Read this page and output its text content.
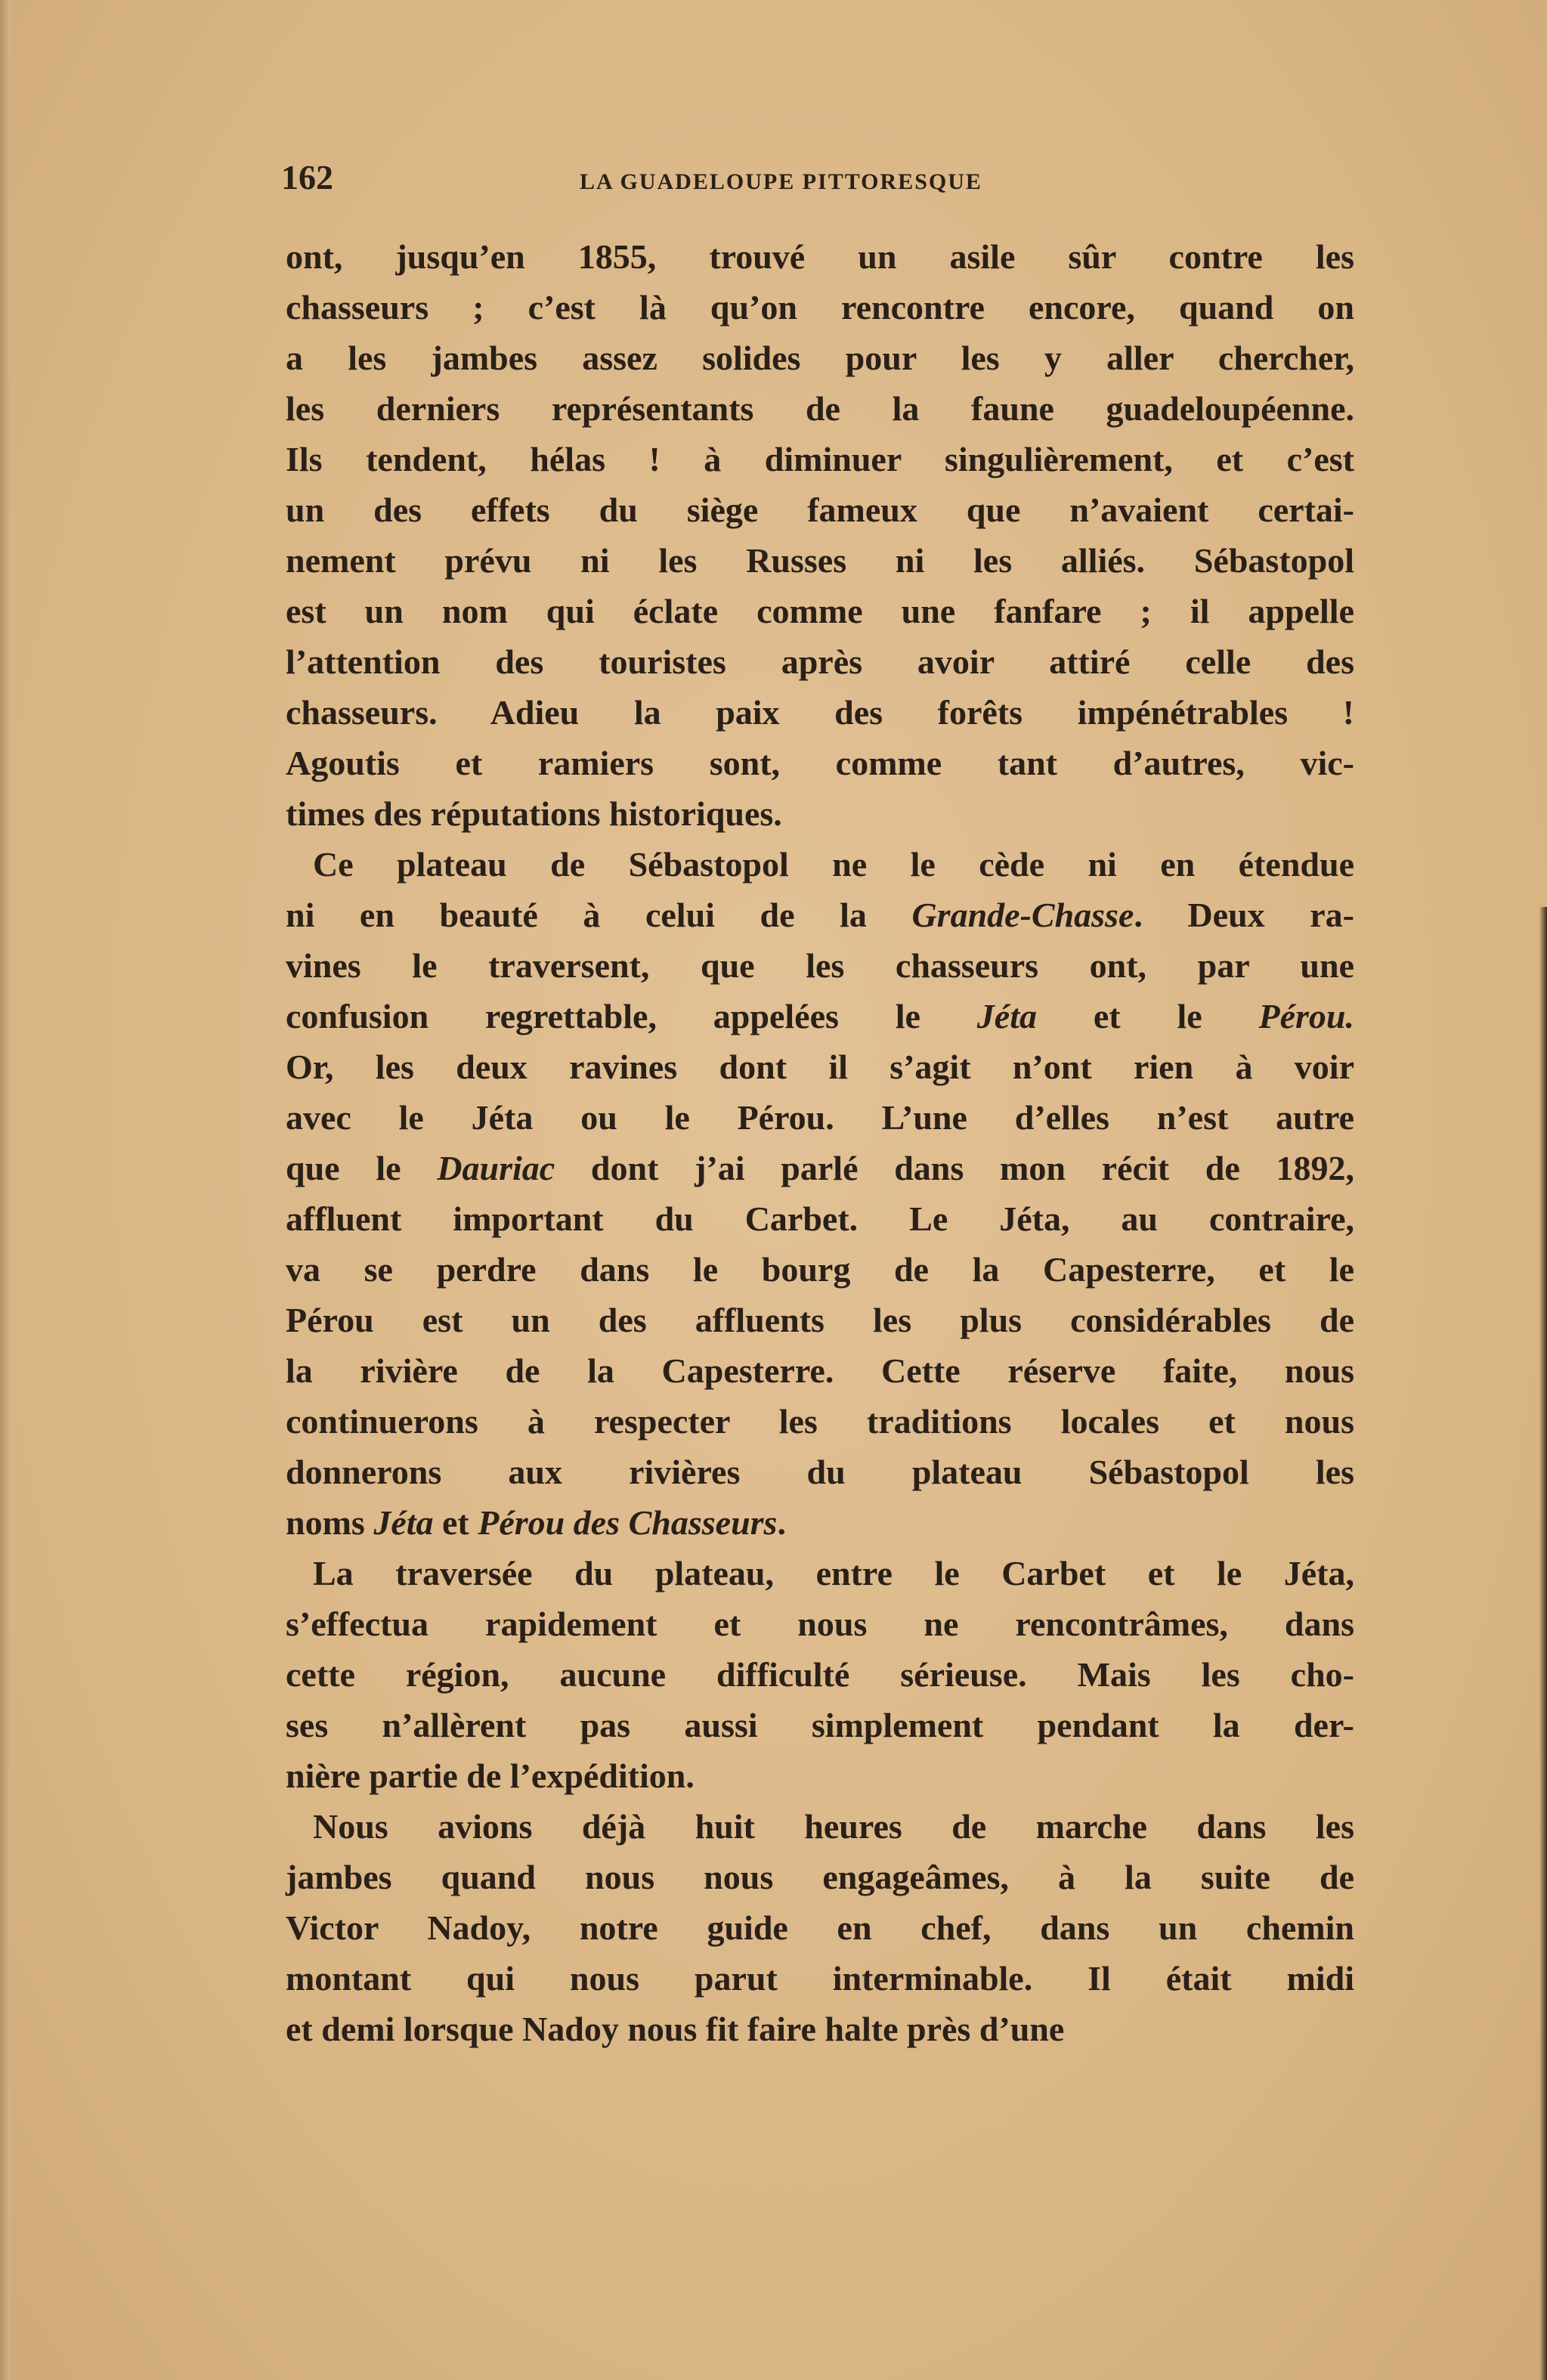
162	LA GUADELOUPE PITTORESQUE
ont, jusqu’en 1855, trouvé un asile sûr contre les
chasseurs ; c’est là qu’on rencontre encore, quand on
a les jambes assez solides pour les y aller chercher,
les derniers représentants de la faune guadeloupéenne.
Ils tendent, hélas ! à diminuer singulièrement, et c’est
un des effets du siège fameux que n’avaient certai-
nement prévu ni les Russes ni les alliés. Sébastopol
est un nom qui éclate comme une fanfare ; il appelle
l’attention des touristes après avoir attiré celle des
chasseurs. Adieu la paix des forêts impénétrables !
Agoutis et ramiers sont, comme tant d’autres, vic-
times des réputations historiques.
Ce plateau de Sébastopol ne le cède ni en étendue
ni en beauté à celui de la Grande-Chasse. Deux ra-
vines le traversent, que les chasseurs ont, par une
confusion regrettable, appelées le Jéta et le Pérou.
Or, les deux ravines dont il s’agit n’ont rien à voir
avec le Jéta ou le Pérou. L’une d’elles n’est autre
que le Dauriac dont j’ai parlé dans mon récit de 1892,
affluent important du Carbet. Le Jéta, au contraire,
va se perdre dans le bourg de la Capesterre, et le
Pérou est un des affluents les plus considérables de
la rivière de la Capesterre. Cette réserve faite, nous
continuerons à respecter les traditions locales et nous
donnerons aux rivières du plateau Sébastopol les
noms Jéta et Pérou des Chasseurs.
La traversée du plateau, entre le Carbet et le Jéta,
s’effectua rapidement et nous ne rencontrâmes, dans
cette région, aucune difficulté sérieuse. Mais les cho-
ses n’allèrent pas aussi simplement pendant la der-
nière partie de l’expédition.
Nous avions déjà huit heures de marche dans les
jambes quand nous nous engageâmes, à la suite de
Victor Nadoy, notre guide en chef, dans un chemin
montant qui nous parut interminable. Il était midi
et demi lorsque Nadoy nous fit faire halte près d’une
